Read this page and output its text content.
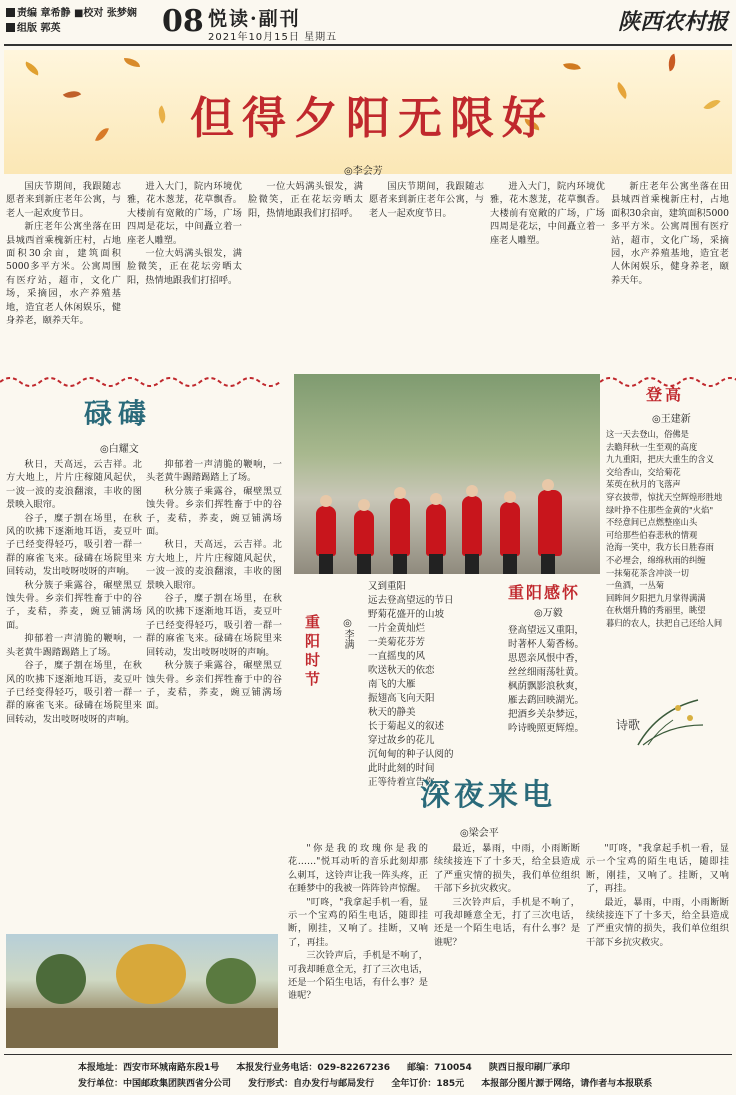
责编 章希静 ■校对 张梦娴
组版 郭英	08 悦读·副刊
2021年10月15日 星期五
陕西农村报
但得夕阳无限好
◎李会芳

国庆节期间，我跟随志愿者来到新庄老年公寓，与老人一起欢度节日。

新庄老年公寓坐落在田县城西首乘槐新庄村，占地面积30余亩，建筑面积5000多平方米。公寓周围有医疗站，超市，文化广场，采摘园，水产养殖基地，造宜老人休闲娱乐，健身养老，颐养天年。

进入大门，院内环境优雅，花木葱茏，花草飘香。大楼前有宽敞的广场，广场四周是花坛，中间矗立着一座老人雕塑。

一位大妈满头银发，满脸微笑，正在花坛旁晒太阳，热情地跟我们打招呼。

一位大妈满头银发，满脸微笑，正在花坛旁晒太阳，热情地跟我们打招呼。

国庆节期间，我跟随志愿者来到新庄老年公寓，与老人一起欢度节日。

进入大门，院内环境优雅，花木葱茏，花草飘香。大楼前有宽敞的广场，广场四周是花坛，中间矗立着一座老人雕塑。

新庄老年公寓坐落在田县城西首乘槐新庄村，占地面积30余亩，建筑面积5000多平方米。公寓周围有医疗站，超市，文化广场，采摘园，水产养殖基地，造宜老人休闲娱乐，健身养老，颐养天年。

碌碡
◎白耀文

秋日，天高远，云吉祥。北方大地上，片片庄稼随风起伏，一波一波的麦浪翻滚，丰收的图景映入眼帘。

谷子，糜子割在场里，在秋风的吹拂下逐渐地耳语，麦豆叶子已经变得轻巧，吸引着一群一群的麻雀飞来。碌碡在场院里来回转动，发出吱呀吱呀的声响。

秋分簇子乘露谷，碾壁黑豆蚀失骨。乡亲们挥牲畜于中的谷子，麦秸，荞麦，豌豆铺满场面。

抑郁着一声清脆的鞭响，一头老黄牛踢踏踢踏上了场。

谷子，糜子割在场里，在秋风的吹拂下逐渐地耳语，麦豆叶子已经变得轻巧，吸引着一群一群的麻雀飞来。碌碡在场院里来回转动，发出吱呀吱呀的声响。

抑郁着一声清脆的鞭响，一头老黄牛踢踏踢踏上了场。

秋分簇子乘露谷，碾壁黑豆蚀失骨。乡亲们挥牲畜于中的谷子，麦秸，荞麦，豌豆铺满场面。

秋日，天高远，云吉祥。北方大地上，片片庄稼随风起伏，一波一波的麦浪翻滚，丰收的图景映入眼帘。

谷子，糜子割在场里，在秋风的吹拂下逐渐地耳语，麦豆叶子已经变得轻巧，吸引着一群一群的麻雀飞来。碌碡在场院里来回转动，发出吱呀吱呀的声响。

秋分簇子乘露谷，碾壁黑豆蚀失骨。乡亲们挥牲畜于中的谷子，麦秸，荞麦，豌豆铺满场面。

重阳时节 ◎李满
又到重阳
远去登高望远的节日
野菊花盛开的山坡
一片金黄灿烂
一美菊花芬芳
一直摇曳的风
吹送秋天的依恋
南飞的大雁
振翅高飞向天阳
秋天的静美
长于菊起义的叙述
穿过故乡的花儿
沉甸甸的种子认阅的
此时此刻的时间
正等待着宣告你
重阳感怀
◎万毅
登高望远又重阳，
时著杯人菊香杨。
思恩亲风恨中香，
丝丝细雨荡牡黄。
枫荫飘影浪秋爽，
雁去鹞回映湖光。
把酒乡关杂梦远，
吟诗晚照更辉煌。
登高
◎王建新
这一天去登山，俗佛是
去瞻拜秋一生至观的高度
九九重阳，把庆大重生的含义
交给香山，交给菊花
茱萸在秋月的飞落声
穿衣披带，惊扰天空辉煌形胜地
绿叶挣不住那些金黄的"火焰"
不经意间已点燃整座山头
可给那些伯春悲秋的情观
沧海一笑中，我方长日胜春雨
不必埋会，绵绵秋雨的纠缠
一抹菊花茶含冲淡一切
一鱼酒，一丛菊
回眸间夕阳把九月掌得满满
在秋烟升腾的秀丽里，眺望
暮归的农人，扶把自己还给人间
诗歌
深夜来电
◎梁会平

"你是我的玫瑰你是我的花……"悦耳动听的音乐此刻却那么刺耳，这铃声让我一阵头疼，正在睡梦中的我被一阵阵铃声惊醒。

"叮咚，"我拿起手机一看，显示一个宝鸡的陌生电话，随即挂断，刚挂，又响了。挂断，又响了，再挂。

三次铃声后，手机是不响了，可我却睡意全无，打了三次电话，还是一个陌生电话，有什么事？是谁呢？

最近，暴雨，中雨，小雨断断续续接连下了十多天，给全县造成了严重灾情的损失，我们单位组织干部下乡抗灾救灾。

三次铃声后，手机是不响了，可我却睡意全无，打了三次电话，还是一个陌生电话，有什么事？是谁呢？

"叮咚，"我拿起手机一看，显示一个宝鸡的陌生电话，随即挂断，刚挂，又响了。挂断，又响了，再挂。

最近，暴雨，中雨，小雨断断续续接连下了十多天，给全县造成了严重灾情的损失，我们单位组织干部下乡抗灾救灾。

本报地址：西安市环城南路东段1号 本报发行业务电话：029-82267236 邮编：710054 陕西日报印刷厂承印
发行单位：中国邮政集团陕西省分公司 发行形式：自办发行与邮局发行 全年订价：185元 本报部分图片源于网络，请作者与本报联系
